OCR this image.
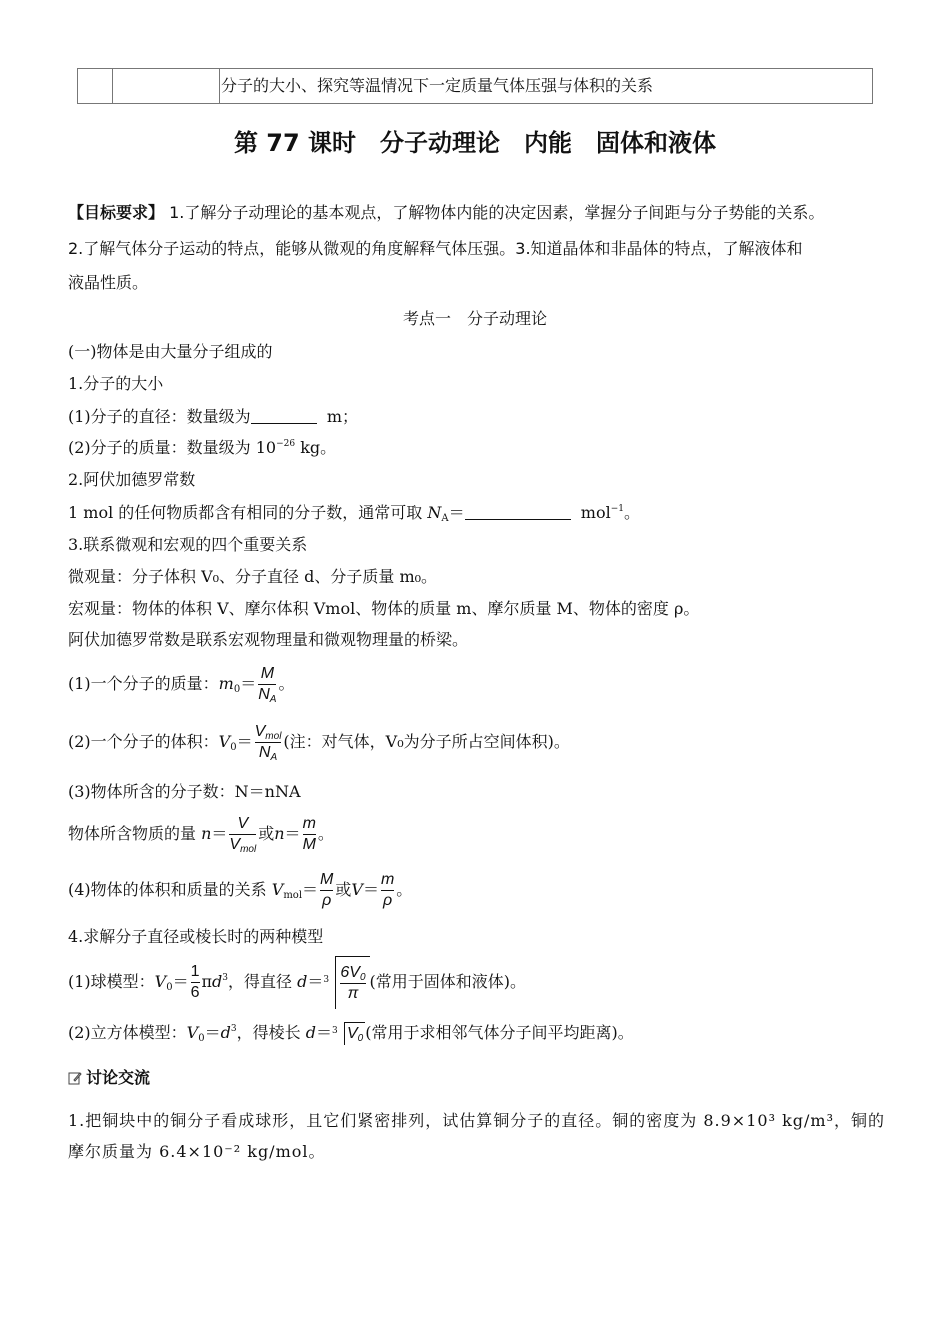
分子的大小、探究等温情况下一定质量气体压强与体积的关系
第 77 课时　分子动理论　内能　固体和液体
【目标要求】 1.了解分子动理论的基本观点，了解物体内能的决定因素，掌握分子间距与分子势能的关系。
2.了解气体分子运动的特点，能够从微观的角度解释气体压强。3.知道晶体和非晶体的特点，了解液体和
液晶性质。
考点一　分子动理论
(一)物体是由大量分子组成的
1.分子的大小
(1)分子的直径：数量级为	m；
(2)分子的质量：数量级为 $10^{-26}$ kg。
2.阿伏加德罗常数
1 mol 的任何物质都含有相同的分子数，通常可取 $N_A=$	mol$^{-1}$。
3.联系微观和宏观的四个重要关系
微观量：分子体积 V₀、分子直径 d、分子质量 m₀。
宏观量：物体的体积 V、摩尔体积 Vmol、物体的质量 m、摩尔质量 M、物体的密度 ρ。
阿伏加德罗常数是联系宏观物理量和微观物理量的桥梁。
(1)一个分子的质量：$m_0= \frac{M}{N_A}$ 。
(2)一个分子的体积：$V_0= \frac{V_{mol}}{N_A}$ (注：对气体，V₀为分子所占空间体积)。
(3)物体所含的分子数：N＝nNA
物体所含物质的量 $n= \frac{V}{V_{mol}}$ 或$n= \frac{m}{M}$ 。
(4)物体的体积和质量的关系 $V_{mol}= \frac{M}{\rho}$ 或$V= \frac{m}{\rho}$ 。
4.求解分子直径或棱长时的两种模型
(1)球模型：$V_0= \frac{1}{6} \pi d^3$，得直径 $d= 3 \frac{6V_0}{\pi}$ (常用于固体和液体)。
(2)立方体模型：$V_0=d^3$，得棱长 d＝ 3 $V_0$ (常用于求相邻气体分子间平均距离)。
讨论交流
1.把铜块中的铜分子看成球形，且它们紧密排列，试估算铜分子的直径。铜的密度为 8.9×10³ kg/m³，铜的
摩尔质量为 6.4×10⁻² kg/mol。
